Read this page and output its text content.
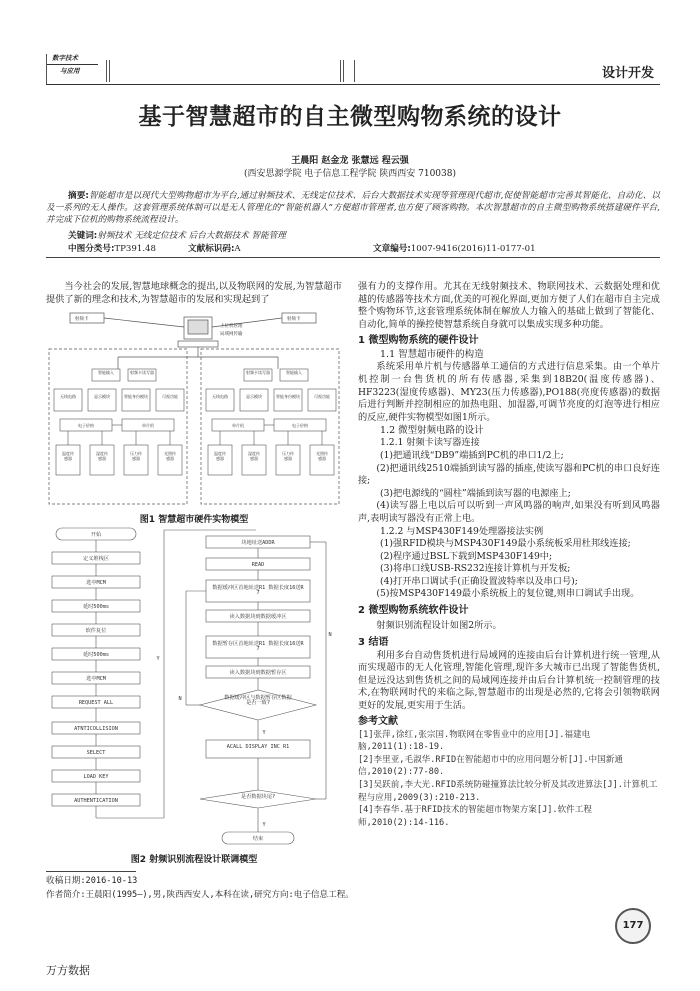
数字技术
与应用	设计开发
基于智慧超市的自主微型购物系统的设计
王晨阳 赵金龙 张慧远 程云强
(西安思源学院 电子信息工程学院 陕西西安 710038)
摘要:智能超市是以现代大型购物超市为平台,通过射频技术、无线定位技术、后台大数据技术实现等管理现代超市,促使智能超市完善其智能化、自动化、以及一系列的无人操作。这套管理系统体制可以是无人管理化的“智能机器人”方便超市管理者,也方便了顾客购物。本次智慧超市的自主微型购物系统搭建硬件平台,并完成下位机的购物系统流程设计。
关键词:射频技术 无线定位技术 后台大数据技术 智能管理
中图分类号:TP391.48	文献标识码:A	文章编号:1007-9416(2016)11-0177-01
当今社会的发展,智慧地球概念的提出,以及物联网的发展,为智慧超市提供了新的理念和技术,为智慧超市的发展和实现起到了
射频卡	射频卡
上位机管理
局域网传输
智能输入	射频卡读写器
无线电路	显示模块	智能身份模块	可视功能
电子价格	单片机
温度传感器
湿度传感器
压力传感器
光照传感器
射频卡读写器	智能输入
无线电路	显示模块	智能身份模块	可视功能
单片机	电子价格
温度传感器
湿度传感器
压力传感器
光照传感器
图1 智慧超市硬件实物模型
开始
定义堆栈区
选中MCM
延时500ms
软件复位
延时500ms
选中MCM
REQUEST ALL
ATNTICOLLISION
SELECT
LOAD KEY
AUTHENTICATION
块地址送ADDR
READ
数据缓冲区首地址送R1 数据长度16送R 7
读入数据块到数据缓冲区
数据暂存区首地址送R1 数据长度16送R 7
读入数据块到数据暂存区
数据缓冲区与数据暂存区数据是否一致?
ACALL DISPLAY INC R1
是否数据块尾?
结束
Y
N
N
Y
Y
图2 射频识别流程设计联调模型
强有力的支撑作用。尤其在无线射频技术、物联网技术、云数据处理和优越的传感器等技术方面,优美的可视化界面,更加方便了人们在超市自主完成整个购物环节,这套管理系统体制在解放人力输入的基础上做到了智能化、自动化,简单的操控使智慧系统自身就可以集成实现多种功能。
1 微型购物系统的硬件设计
1.1 智慧超市硬件的构造
系统采用单片机与传感器单工通信的方式进行信息采集。由一个单片机控制一台售货机的所有传感器,采集到18B20(温度传感器)、HF3223(湿度传感器)、MY23(压力传感器),PO188(亮度传感器)的数据后进行判断并控制相应的加热电阻、加湿器,可调节亮度的灯泡等进行相应的反应,硬件实物模型如图1所示。
1.2 微型射频电路的设计
1.2.1 射频卡读写器连接
(1)把通讯线“DB9”端插到PC机的串口1/2上;
(2)把通讯线2510端插到读写器的插座,使读写器和PC机的串口良好连接;
(3)把电源线的“圆柱”端插到读写器的电源座上;
(4)读写器上电以后可以听到一声风鸣器的响声,如果没有听到风鸣器声,表明读写器没有正常上电。
1.2.2 与MSP430F149处理器接法实例
(1)强RFID模块与MSP430F149最小系统板采用杜邦线连接;
(2)程序通过BSL下载到MSP430F149中;
(3)将串口线USB-RS232连接计算机与开发板;
(4)打开串口调试手(正确设置波特率以及串口号);
(5)按MSP430F149最小系统板上的复位键,则串口调试手出现。
2 微型购物系统软件设计
射频识别流程设计如图2所示。
3 结语
利用多台自动售货机进行局域网的连接由后台计算机进行统一管理,从而实现超市的无人化管理,智能化管理,现许多大城市已出现了智能售货机,但是远没达到售货机之间的局域网连接并由后台计算机统一控制管理的技术,在物联网时代的来临之际,智慧超市的出现是必然的,它将会引领物联网更好的发展,更实用于生活。
参考文献
[1]张萍,徐红,张宗国.物联网在零售业中的应用[J].福建电脑,2011(1):18-19.
[2]李里亚,毛淑华.RFID在智能超市中的应用问题分析[J].中国新通信,2010(2):77-80.
[3]吴跃前,李大光.RFID系统防碰撞算法比较分析及其改进算法[J].计算机工程与应用,2009(3):210-213.
[4]李春华.基于RFID技术的智能超市物架方案[J].软件工程师,2010(2):14-116.
收稿日期:2016-10-13
作者简介:王晨阳(1995—),男,陕西西安人,本科在读,研究方向:电子信息工程。
177
万方数据
